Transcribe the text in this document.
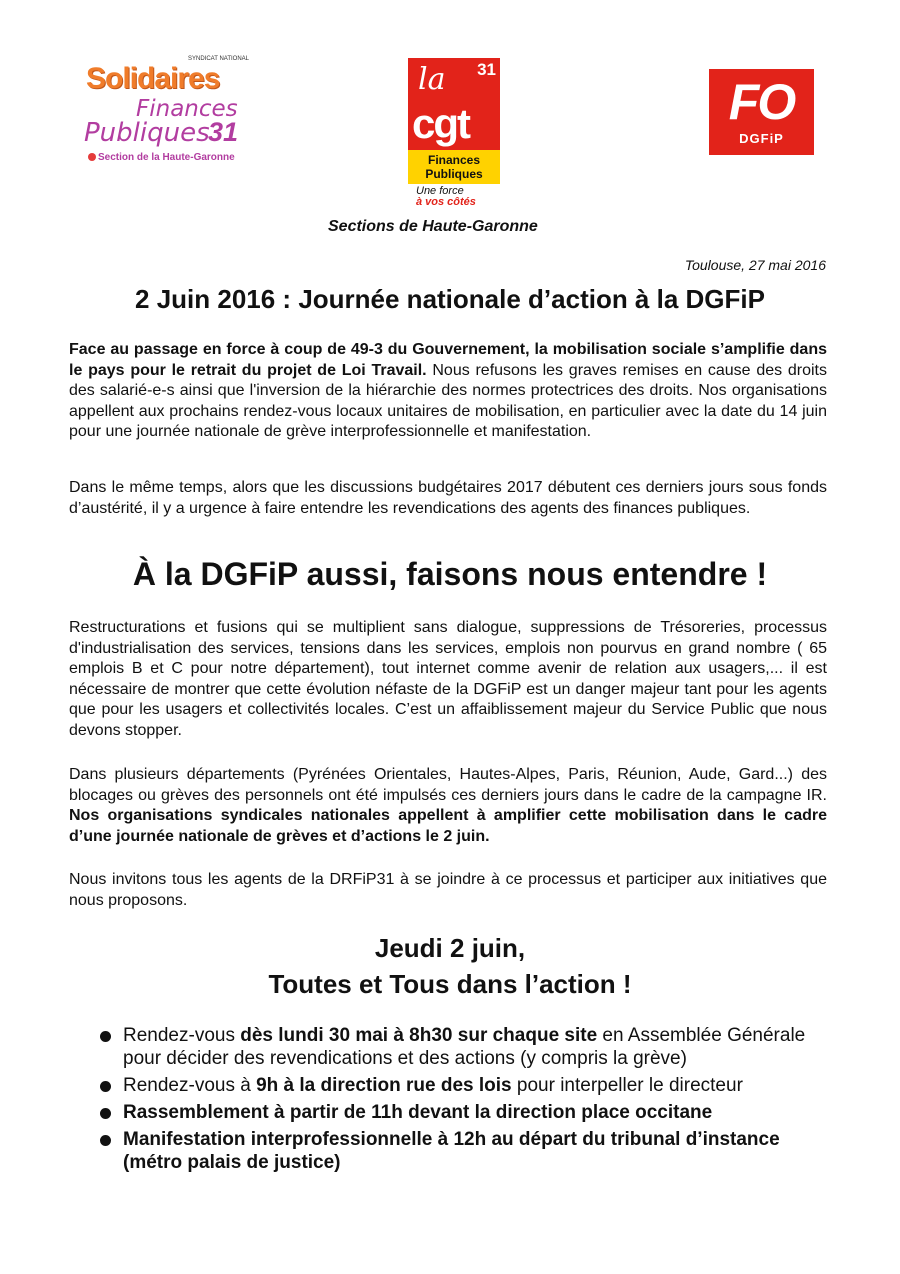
Solidaires
SYNDICAT NATIONAL
Finances
Publiques
31
Section de la Haute-Garonne
la 31
cgt
Finances
Publiques
Une force
à vos côtés
Sections de Haute-Garonne
FO
DGFiP
Toulouse, 27 mai 2016
2 Juin 2016 : Journée nationale d’action à la DGFiP

Face au passage en force à coup de 49-3 du Gouvernement, la mobilisation sociale s’amplifie dans le pays pour le retrait du projet de Loi Travail. Nous refusons les graves remises en cause des droits des salarié-e-s ainsi que l'inversion de la hiérarchie des normes protectrices des droits. Nos organisations appellent aux prochains rendez-vous locaux unitaires de mobilisation, en particulier avec la date du 14 juin pour une journée nationale de grève interprofessionnelle et manifestation.

Dans le même temps, alors que les discussions budgétaires 2017 débutent ces derniers jours sous fonds d’austérité, il y a urgence à faire entendre les revendications des agents des finances publiques.

À la DGFiP aussi, faisons nous entendre !

Restructurations et fusions qui se multiplient sans dialogue, suppressions de Trésoreries, processus d'industrialisation des services, tensions dans les services, emplois non pourvus en grand nombre ( 65 emplois B et C pour notre département), tout internet comme avenir de relation aux usagers,... il est nécessaire de montrer que cette évolution néfaste de la DGFiP est un danger majeur tant pour les agents que pour les usagers et collectivités locales. C’est un affaiblissement majeur du Service Public que nous devons stopper.

Dans plusieurs départements (Pyrénées Orientales, Hautes-Alpes, Paris, Réunion, Aude, Gard...) des blocages ou grèves des personnels ont été impulsés ces derniers jours dans le cadre de la campagne IR. Nos organisations syndicales nationales appellent à amplifier cette mobilisation dans le cadre d’une journée nationale de grèves et d’actions le 2 juin.

Nous invitons tous les agents de la DRFiP31 à se joindre à ce processus et participer aux initiatives que nous proposons.

Jeudi 2 juin,
Toutes et Tous dans l’action !
Rendez-vous dès lundi 30 mai à 8h30 sur chaque site en Assemblée Générale pour décider des revendications et des actions (y compris la grève)
Rendez-vous à 9h à la direction rue des lois pour interpeller le directeur
Rassemblement à partir de 11h devant la direction place occitane
Manifestation interprofessionnelle à 12h au départ du tribunal d’instance (métro palais de justice)
